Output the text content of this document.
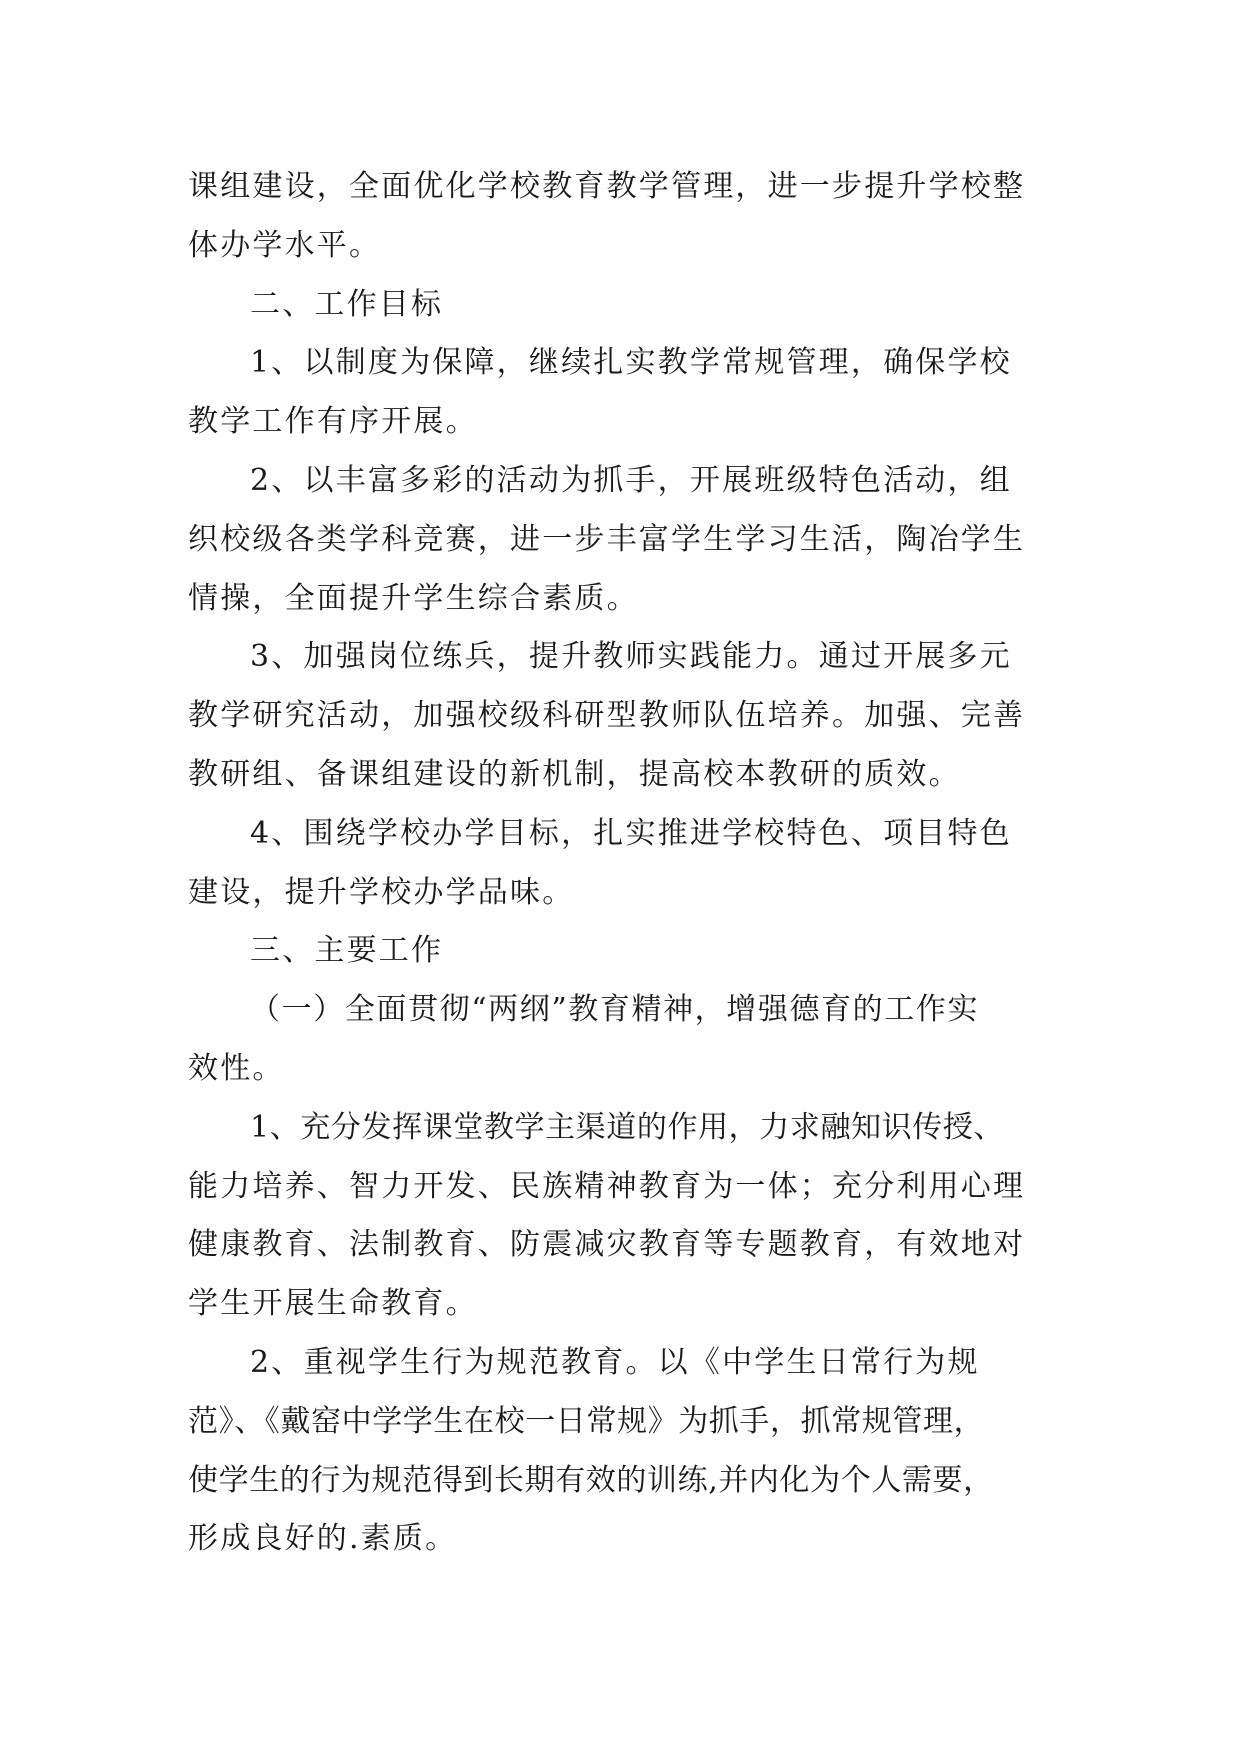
课组建设，全面优化学校教育教学管理，进一步提升学校整
体办学水平。
二、工作目标
1、以制度为保障，继续扎实教学常规管理，确保学校
教学工作有序开展。
2、以丰富多彩的活动为抓手，开展班级特色活动，组
织校级各类学科竞赛，进一步丰富学生学习生活，陶冶学生
情操，全面提升学生综合素质。
3、加强岗位练兵，提升教师实践能力。通过开展多元
教学研究活动，加强校级科研型教师队伍培养。加强、完善
教研组、备课组建设的新机制，提高校本教研的质效。
4、围绕学校办学目标，扎实推进学校特色、项目特色
建设，提升学校办学品味。
三、主要工作
（一）全面贯彻“两纲”教育精神，增强德育的工作实
效性。
1、充分发挥课堂教学主渠道的作用，力求融知识传授、
能力培养、智力开发、民族精神教育为一体；充分利用心理
健康教育、法制教育、防震减灾教育等专题教育，有效地对
学生开展生命教育。
2、重视学生行为规范教育。以《中学生日常行为规
范》、《戴窑中学学生在校一日常规》为抓手，抓常规管理，
使学生的行为规范得到长期有效的训练,并内化为个人需要，
形成良好的.素质。
